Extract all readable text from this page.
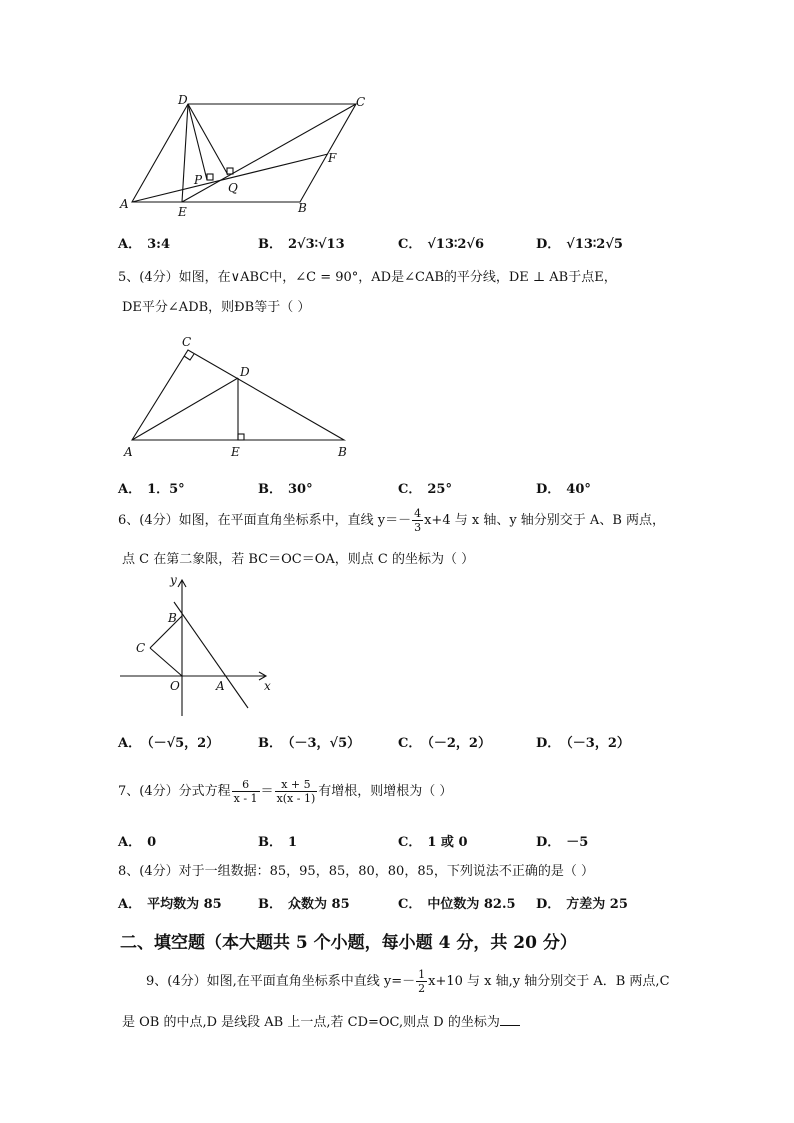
D	C
F
P
Q
A
E	B
A． 3:4	B． 2√3∶√13	C． √13∶2√6	D． √13∶2√5
5、(4分）如图，在∨ABC中，∠C = 90°，AD是∠CAB的平分线，DE ⊥ AB于点E，
DE平分∠ADB，则ÐB等于（ ）
C
D
A	E	B
A． 1．5°	B． 30°	C． 25°	D． 40°
6、(4分）如图，在平面直角坐标系中，直线 $y=- \frac{4}{3} x+4$ 与 x 轴、y 轴分别交于 A、B 两点，
点 C 在第二象限，若 BC＝OC＝OA，则点 C 的坐标为（ ）
y
x
B
C
O	A
A． （－√5，2）	B． （－3，√5）	C． （－2，2）	D． （－3，2）
7、(4分）分式方程 $\frac{6}{x - 1} = \frac{x + 5}{x(x - 1)}$ 有增根，则增根为（ ）
A． 0	B． 1	C． 1 或 0	D． －5
8、(4分）对于一组数据：85，95，85，80，80，85，下列说法不正确的是（ ）
A． 平均数为 85	B． 众数为 85	C． 中位数为 82.5 D． 方差为 25
二、填空题（本大题共 5 个小题，每小题 4 分，共 20 分）
9、(4分）如图,在平面直角坐标系中直线 $y=- \frac{1}{2} x+10$ 与 x 轴,y 轴分别交于 A．B 两点,C
是 OB 的中点,D 是线段 AB 上一点,若 CD=OC,则点 D 的坐标为
